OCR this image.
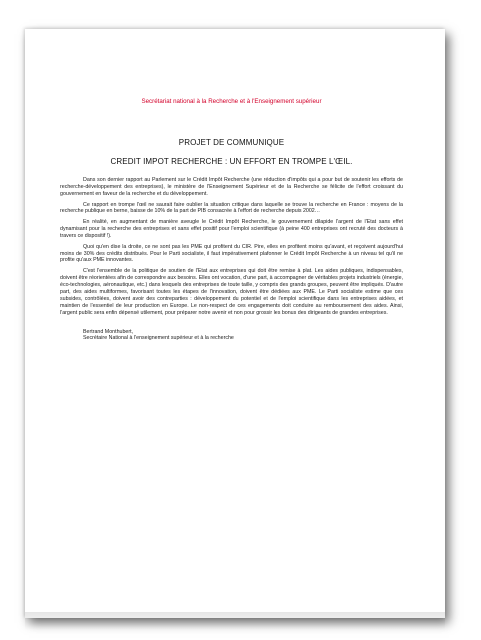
Secrétariat national à la Recherche et à l'Enseignement supérieur
PROJET DE COMMUNIQUE
CREDIT IMPOT RECHERCHE : UN EFFORT EN TROMPE L'ŒIL.

Dans son dernier rapport au Parlement sur le Crédit Impôt Recherche (une réduction d'impôts qui a pour but de soutenir les efforts de recherche-développement des entreprises), le ministère de l'Enseignement Supérieur et de la Recherche se félicite de l'effort croissant du gouvernement en faveur de la recherche et du développement.

Ce rapport en trompe l'œil ne saurait faire oublier la situation critique dans laquelle se trouve la recherche en France : moyens de la recherche publique en berne, baisse de 10% de la part de PIB consacrée à l'effort de recherche depuis 2002…

En réalité, en augmentant de manière aveugle le Crédit Impôt Recherche, le gouvernement dilapide l'argent de l'Etat sans effet dynamisant pour la recherche des entreprises et sans effet positif pour l'emploi scientifique (à peine 400 entreprises ont recruté des docteurs à travers ce dispositif !).

Quoi qu'en dise la droite, ce ne sont pas les PME qui profitent du CIR. Pire, elles en profitent moins qu'avant, et reçoivent aujourd'hui moins de 30% des crédits distribués. Pour le Parti socialiste, il faut impérativement plafonner le Crédit Impôt Recherche à un niveau tel qu'il ne profite qu'aux PME innovantes.

C'est l'ensemble de la politique de soutien de l'Etat aux entreprises qui doit être remise à plat. Les aides publiques, indispensables, doivent être réorientées afin de correspondre aux besoins. Elles ont vocation, d'une part, à accompagner de véritables projets industriels (énergie, éco-technologies, aéronautique, etc.) dans lesquels des entreprises de toute taille, y compris des grands groupes, peuvent être impliqués. D'autre part, des aides multiformes, favorisant toutes les étapes de l'innovation, doivent être dédiées aux PME. Le Parti socialiste estime que ces subsides, contrôlées, doivent avoir des contreparties : développement du potentiel et de l'emploi scientifique dans les entreprises aidées, et maintien de l'essentiel de leur production en Europe. Le non-respect de ces engagements doit conduire au remboursement des aides. Ainsi, l'argent public sera enfin dépensé utilement, pour préparer notre avenir et non pour grossir les bonus des dirigeants de grandes entreprises.

Bertrand Monthubert,
Secrétaire National à l'enseignement supérieur et à la recherche
